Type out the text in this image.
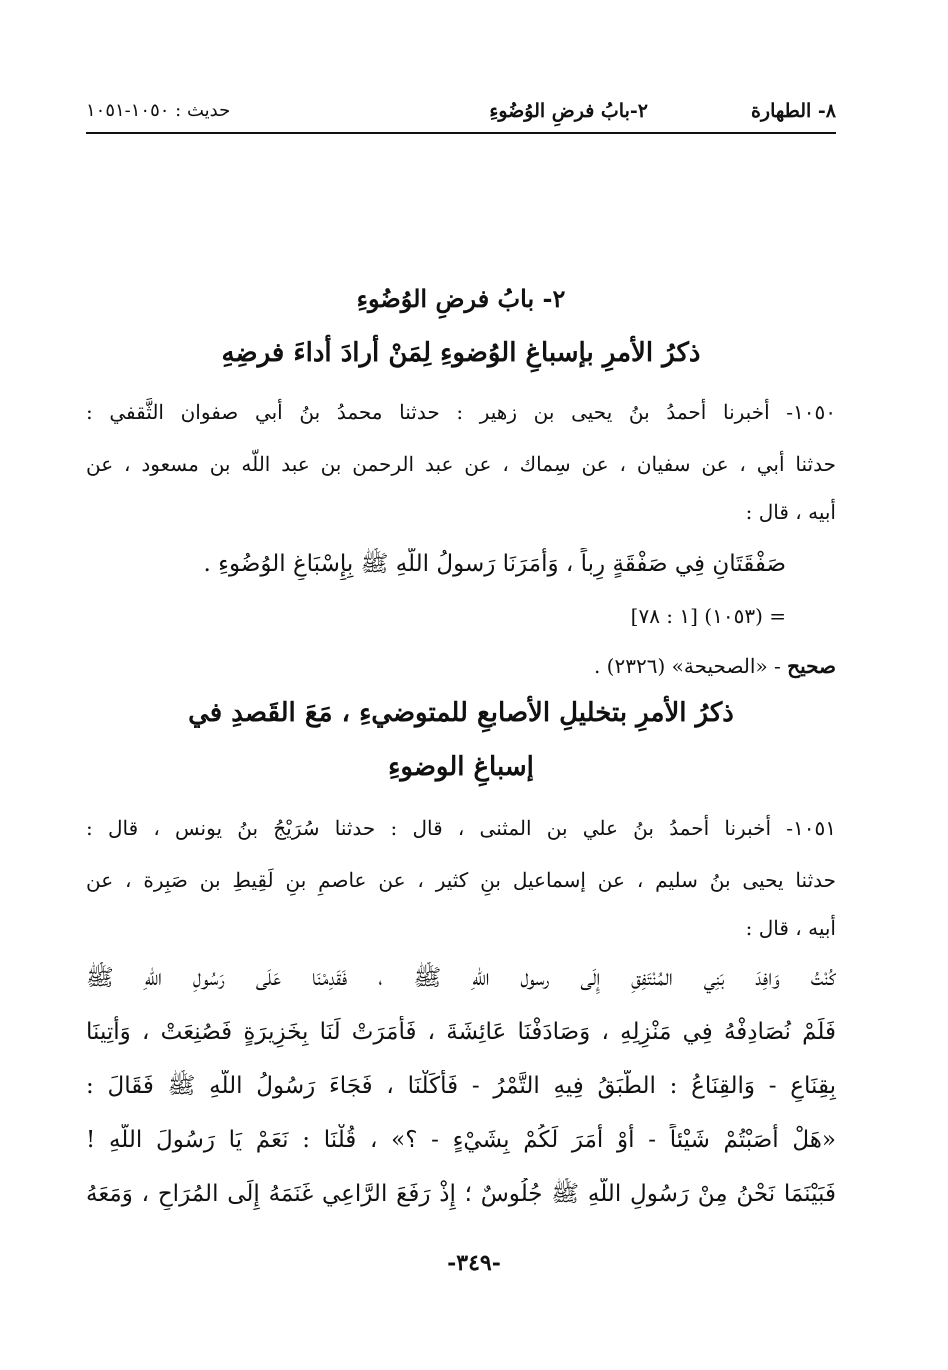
٨- الطهارة
٢-بابُ فرضِ الوُضُوءِ
حديث : ١٠٥٠-١٠٥١
٢- بابُ فرضِ الوُضُوءِ
ذكرُ الأمرِ بإسباغِ الوُضوءِ لِمَنْ أرادَ أداءَ فرضِهِ
١٠٥٠- أخبرنا أحمدُ بنُ يحيى بن زهير : حدثنا محمدُ بنُ أبي صفوان الثَّقفي :
حدثنا أبي ، عن سفيان ، عن سِماك ، عن عبد الرحمن بن عبد اللّه بن مسعود ، عن
أبيه ، قال :
صَفْقَتَانِ فِي صَفْقَةٍ رِباً ، وَأَمَرَنَا رَسولُ اللّهِ ﷺ بِإِسْبَاغِ الوُضُوءِ .
= (١٠٥٣) [١ : ٧٨]
صحيح - «الصحيحة» (٢٣٢٦) .
ذكرُ الأمرِ بتخليلِ الأصابعِ للمتوضيءِ ، مَعَ القَصدِ في
إسباغِ الوضوءِ
١٠٥١- أخبرنا أحمدُ بنُ علي بن المثنى ، قال : حدثنا سُرَيْجُ بنُ يونس ، قال :
حدثنا يحيى بنُ سليم ، عن إسماعيل بنِ كثير ، عن عاصمِ بنِ لَقِيطِ بن صَبِرة ، عن
أبيه ، قال :
كُنْتُ وَافِدَ بَنِي المُنْتَفِقِ إِلَى رسول اللّهِ ﷺ ، فَقَدِمْنَا عَلَى رَسُولِ اللّهِ ﷺ
فَلَمْ نُصَادِفْهُ فِي مَنْزِلِهِ ، وَصَادَفْنَا عَائِشَةَ ، فَأَمَرَتْ لَنَا بِخَزِيرَةٍ فَصُنِعَتْ ، وَأُتِينَا
بِقِنَاعٍ - وَالقِنَاعُ : الطَّبَقُ فِيهِ التَّمْرُ - فَأَكَلْنَا ، فَجَاءَ رَسُولُ اللّهِ ﷺ فَقَالَ :
«هَلْ أَصَبْتُمْ شَيْئاً - أَوْ أَمَرَ لَكُمْ بِشَيْءٍ - ؟» ، قُلْنَا : نَعَمْ يَا رَسُولَ اللّهِ !
فَبَيْنَمَا نَحْنُ مِنْ رَسُولِ اللّهِ ﷺ جُلُوسٌ ؛ إِذْ رَفَعَ الرَّاعِي غَنَمَهُ إِلَى المُرَاحِ ، وَمَعَهُ
-٣٤٩-
